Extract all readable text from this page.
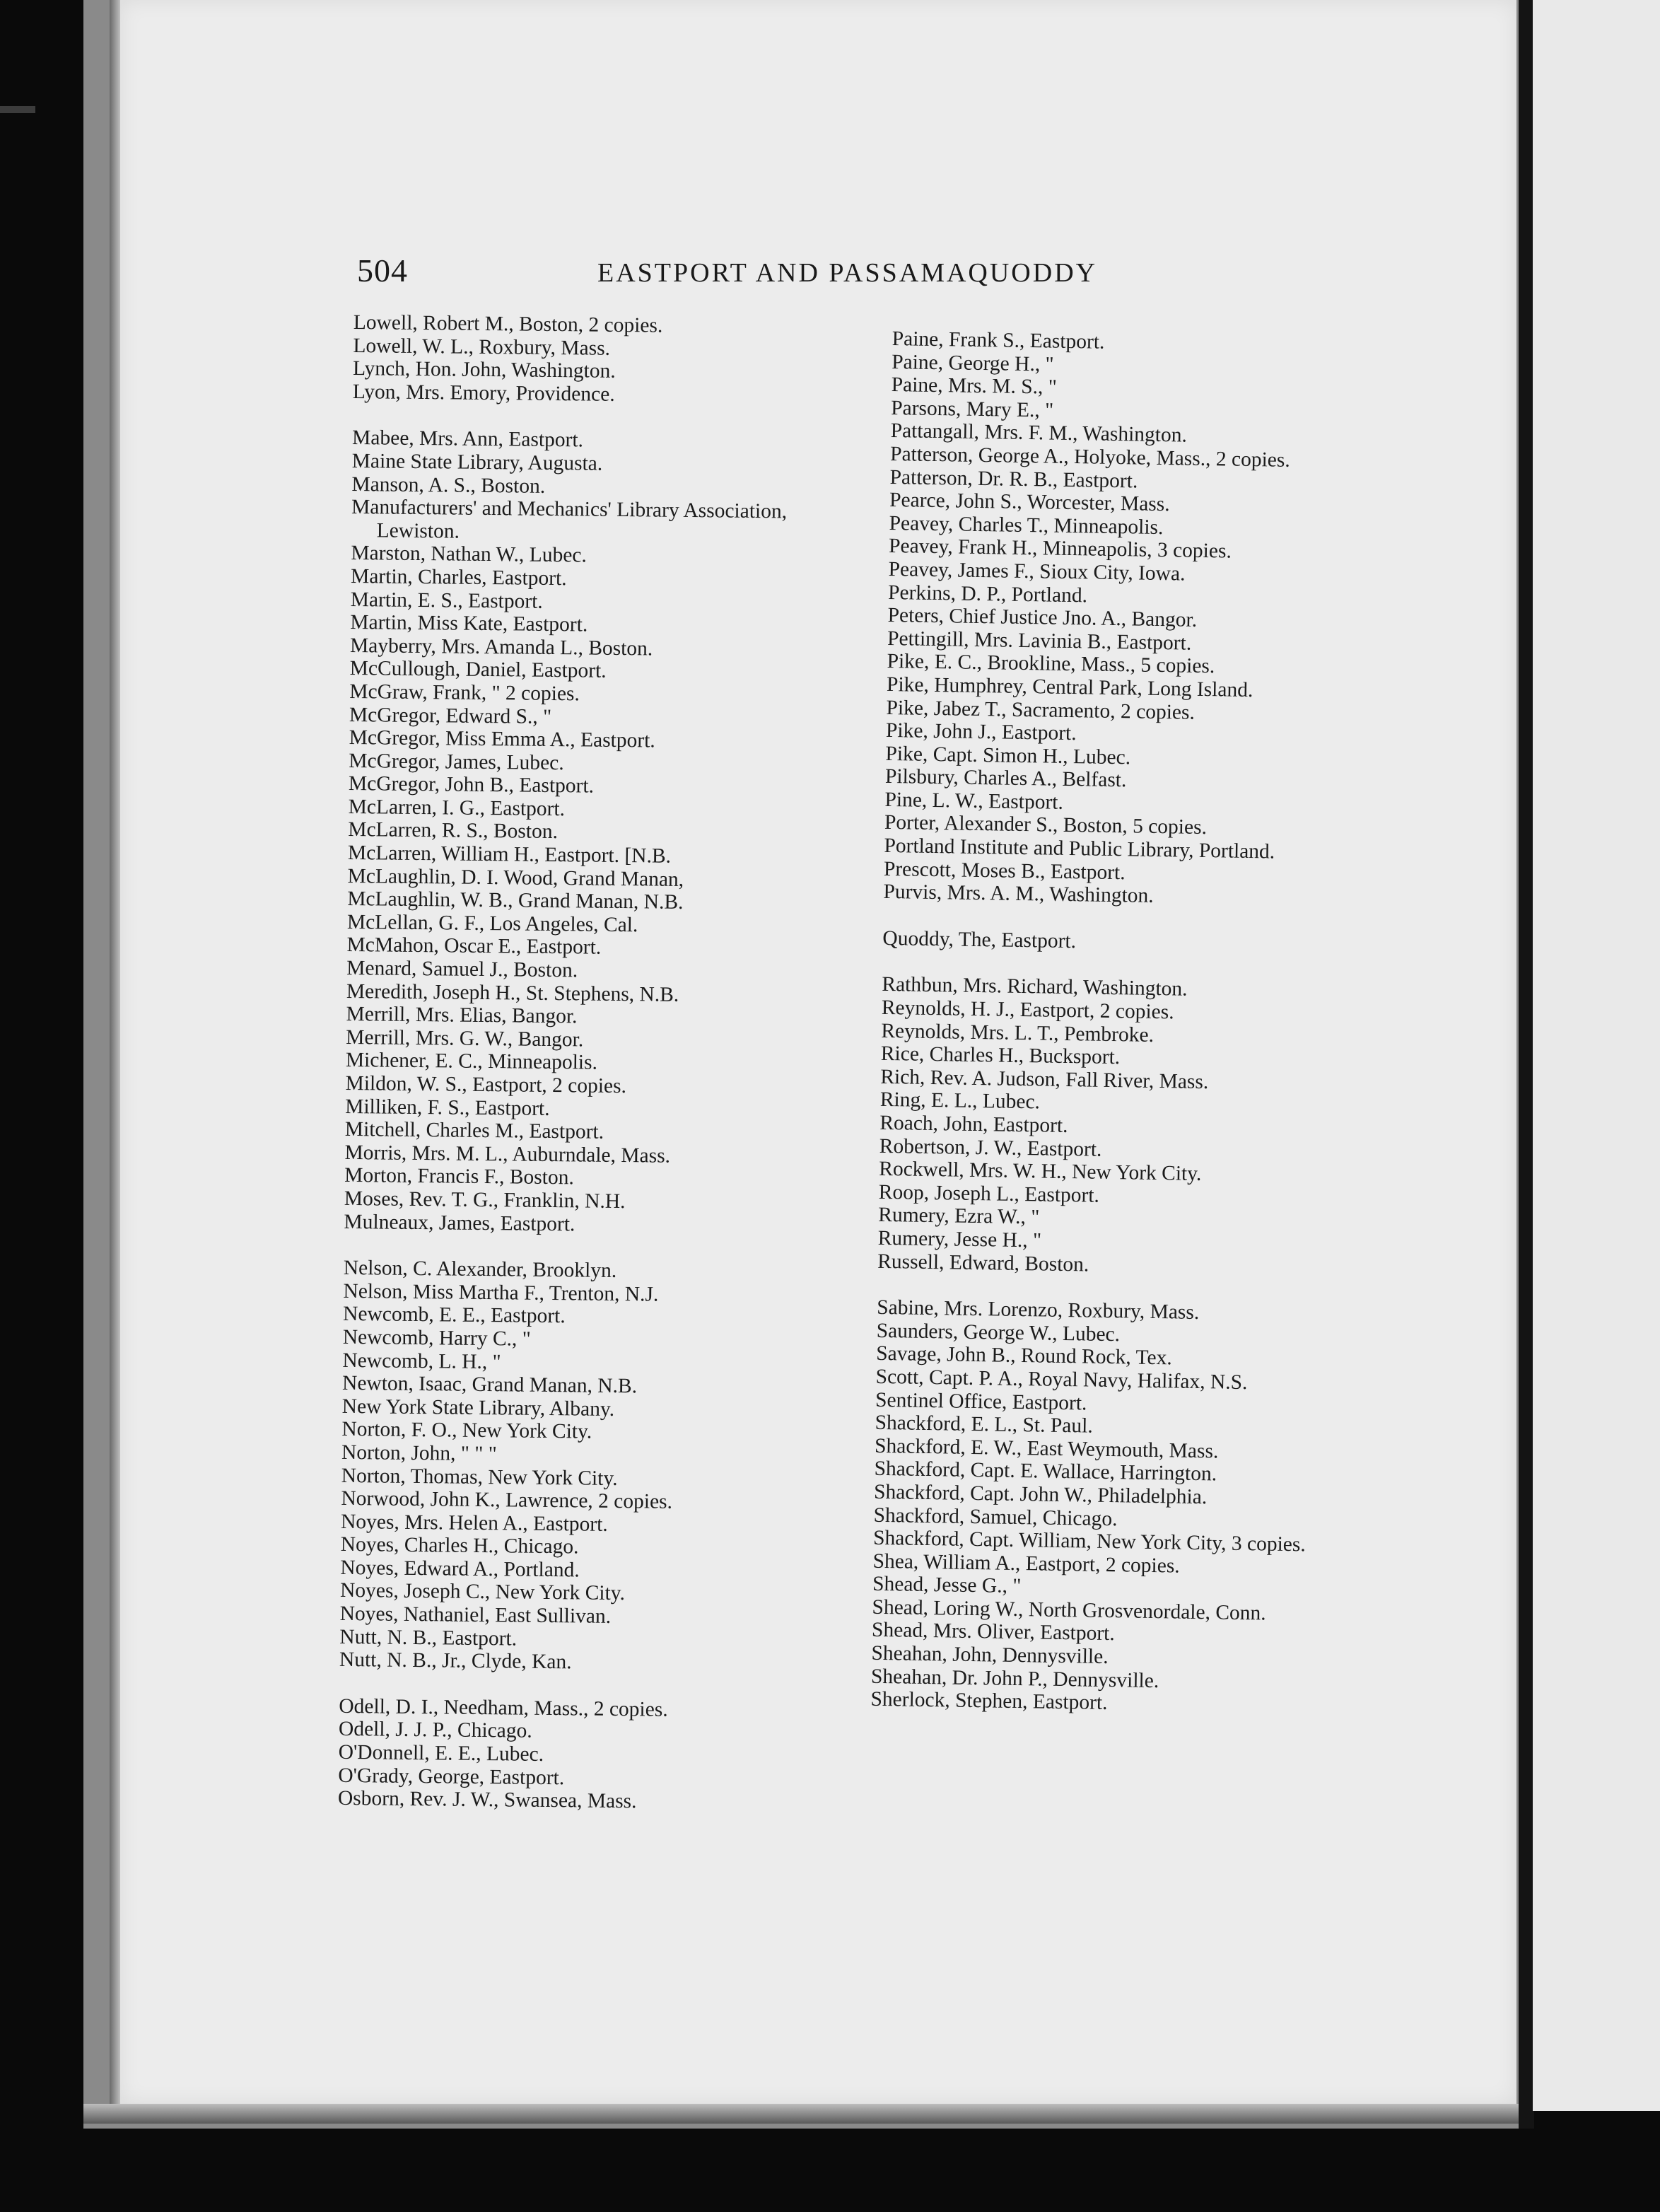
504	EASTPORT AND PASSAMAQUODDY
Lowell, Robert M., Boston, 2 copies.
Lowell, W. L., Roxbury, Mass.
Lynch, Hon. John, Washington.
Lyon, Mrs. Emory, Providence.
Mabee, Mrs. Ann, Eastport.
Maine State Library, Augusta.
Manson, A. S., Boston.
Manufacturers' and Mechanics' Library Association, Lewiston.
Marston, Nathan W., Lubec.
Martin, Charles, Eastport.
Martin, E. S., Eastport.
Martin, Miss Kate, Eastport.
Mayberry, Mrs. Amanda L., Boston.
McCullough, Daniel, Eastport.
McGraw, Frank, " 2 copies.
McGregor, Edward S., "
McGregor, Miss Emma A., Eastport.
McGregor, James, Lubec.
McGregor, John B., Eastport.
McLarren, I. G., Eastport.
McLarren, R. S., Boston.
McLarren, William H., Eastport. [N.B.
McLaughlin, D. I. Wood, Grand Manan,
McLaughlin, W. B., Grand Manan, N.B.
McLellan, G. F., Los Angeles, Cal.
McMahon, Oscar E., Eastport.
Menard, Samuel J., Boston.
Meredith, Joseph H., St. Stephens, N.B.
Merrill, Mrs. Elias, Bangor.
Merrill, Mrs. G. W., Bangor.
Michener, E. C., Minneapolis.
Mildon, W. S., Eastport, 2 copies.
Milliken, F. S., Eastport.
Mitchell, Charles M., Eastport.
Morris, Mrs. M. L., Auburndale, Mass.
Morton, Francis F., Boston.
Moses, Rev. T. G., Franklin, N.H.
Mulneaux, James, Eastport.
Nelson, C. Alexander, Brooklyn.
Nelson, Miss Martha F., Trenton, N.J.
Newcomb, E. E., Eastport.
Newcomb, Harry C., "
Newcomb, L. H., "
Newton, Isaac, Grand Manan, N.B.
New York State Library, Albany.
Norton, F. O., New York City.
Norton, John, " " "
Norton, Thomas, New York City.
Norwood, John K., Lawrence, 2 copies.
Noyes, Mrs. Helen A., Eastport.
Noyes, Charles H., Chicago.
Noyes, Edward A., Portland.
Noyes, Joseph C., New York City.
Noyes, Nathaniel, East Sullivan.
Nutt, N. B., Eastport.
Nutt, N. B., Jr., Clyde, Kan.
Odell, D. I., Needham, Mass., 2 copies.
Odell, J. J. P., Chicago.
O'Donnell, E. E., Lubec.
O'Grady, George, Eastport.
Osborn, Rev. J. W., Swansea, Mass.
Paine, Frank S., Eastport.
Paine, George H., "
Paine, Mrs. M. S., "
Parsons, Mary E., "
Pattangall, Mrs. F. M., Washington.
Patterson, George A., Holyoke, Mass., 2 copies.
Patterson, Dr. R. B., Eastport.
Pearce, John S., Worcester, Mass.
Peavey, Charles T., Minneapolis.
Peavey, Frank H., Minneapolis, 3 copies.
Peavey, James F., Sioux City, Iowa.
Perkins, D. P., Portland.
Peters, Chief Justice Jno. A., Bangor.
Pettingill, Mrs. Lavinia B., Eastport.
Pike, E. C., Brookline, Mass., 5 copies.
Pike, Humphrey, Central Park, Long Island.
Pike, Jabez T., Sacramento, 2 copies.
Pike, John J., Eastport.
Pike, Capt. Simon H., Lubec.
Pilsbury, Charles A., Belfast.
Pine, L. W., Eastport.
Porter, Alexander S., Boston, 5 copies.
Portland Institute and Public Library, Portland.
Prescott, Moses B., Eastport.
Purvis, Mrs. A. M., Washington.
Quoddy, The, Eastport.
Rathbun, Mrs. Richard, Washington.
Reynolds, H. J., Eastport, 2 copies.
Reynolds, Mrs. L. T., Pembroke.
Rice, Charles H., Bucksport.
Rich, Rev. A. Judson, Fall River, Mass.
Ring, E. L., Lubec.
Roach, John, Eastport.
Robertson, J. W., Eastport.
Rockwell, Mrs. W. H., New York City.
Roop, Joseph L., Eastport.
Rumery, Ezra W., "
Rumery, Jesse H., "
Russell, Edward, Boston.
Sabine, Mrs. Lorenzo, Roxbury, Mass.
Saunders, George W., Lubec.
Savage, John B., Round Rock, Tex.
Scott, Capt. P. A., Royal Navy, Halifax, N.S.
Sentinel Office, Eastport.
Shackford, E. L., St. Paul.
Shackford, E. W., East Weymouth, Mass.
Shackford, Capt. E. Wallace, Harrington.
Shackford, Capt. John W., Philadelphia.
Shackford, Samuel, Chicago.
Shackford, Capt. William, New York City, 3 copies.
Shea, William A., Eastport, 2 copies.
Shead, Jesse G., "
Shead, Loring W., North Grosvenordale, Conn.
Shead, Mrs. Oliver, Eastport.
Sheahan, John, Dennysville.
Sheahan, Dr. John P., Dennysville.
Sherlock, Stephen, Eastport.
